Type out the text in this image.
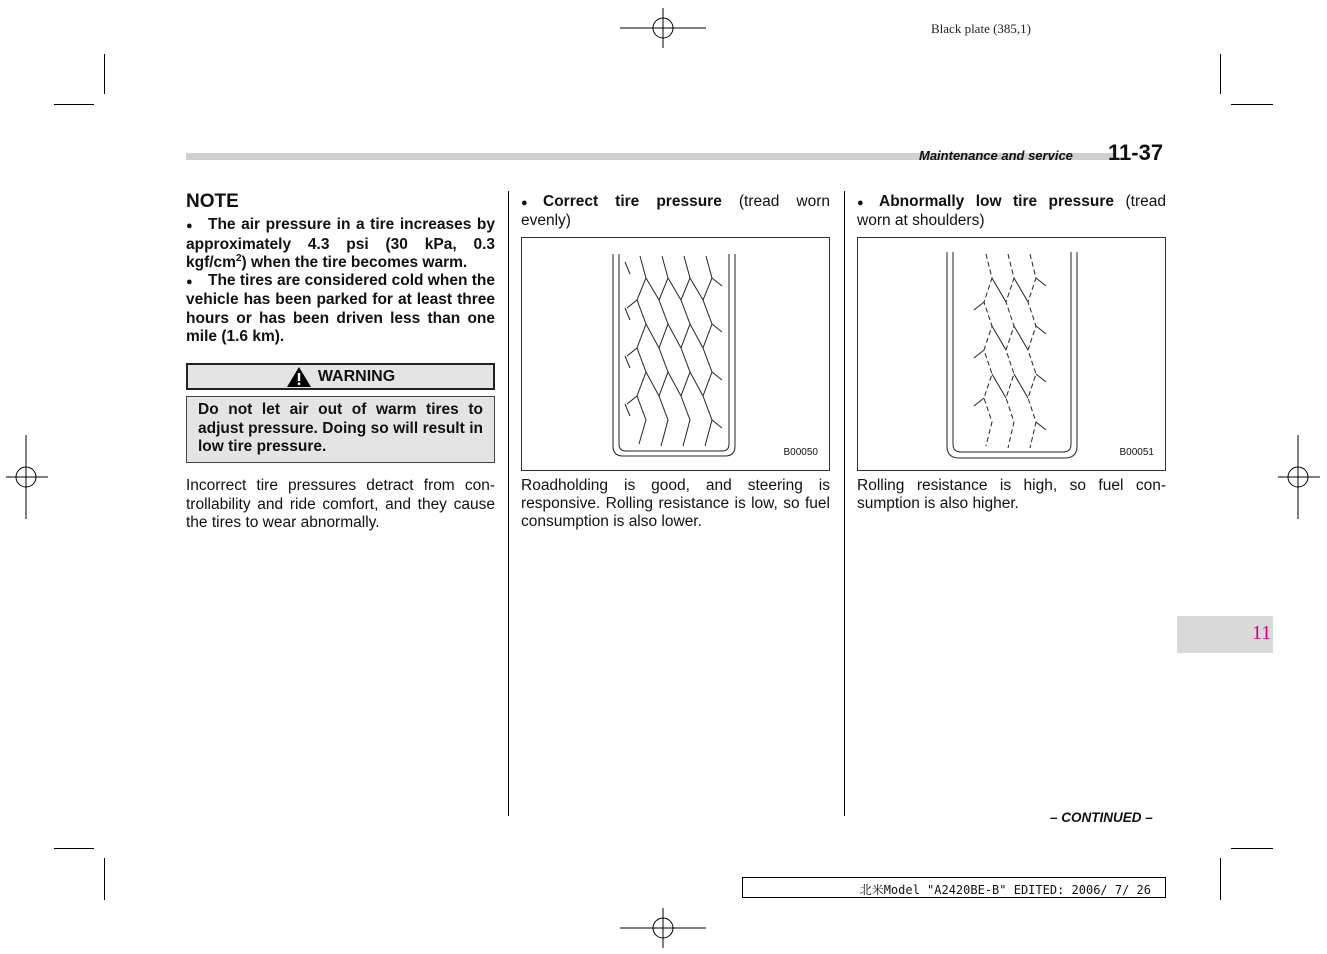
Black plate (385,1)
Maintenance and service 11-37
NOTE

● The air pressure in a tire increases by approximately 4.3 psi (30 kPa, 0.3 kgf/$cm^2$) when the tire becomes warm.

● The tires are considered cold when the vehicle has been parked for at least three hours or has been driven less than one mile (1.6 km).

WARNING
Do not let air out of warm tires to adjust pressure. Doing so will result in low tire pressure.

Incorrect tire pressures detract from con-trollability and ride comfort, and they cause the tires to wear abnormally.

● Correct tire pressure (tread worn evenly)

B00050

Roadholding is good, and steering is responsive. Rolling resistance is low, so fuel consumption is also lower.

● Abnormally low tire pressure (tread worn at shoulders)

B00051

Rolling resistance is high, so fuel con-sumption is also higher.

11
– CONTINUED –
北米Model "A2420BE-B" EDITED: 2006/ 7/ 26
